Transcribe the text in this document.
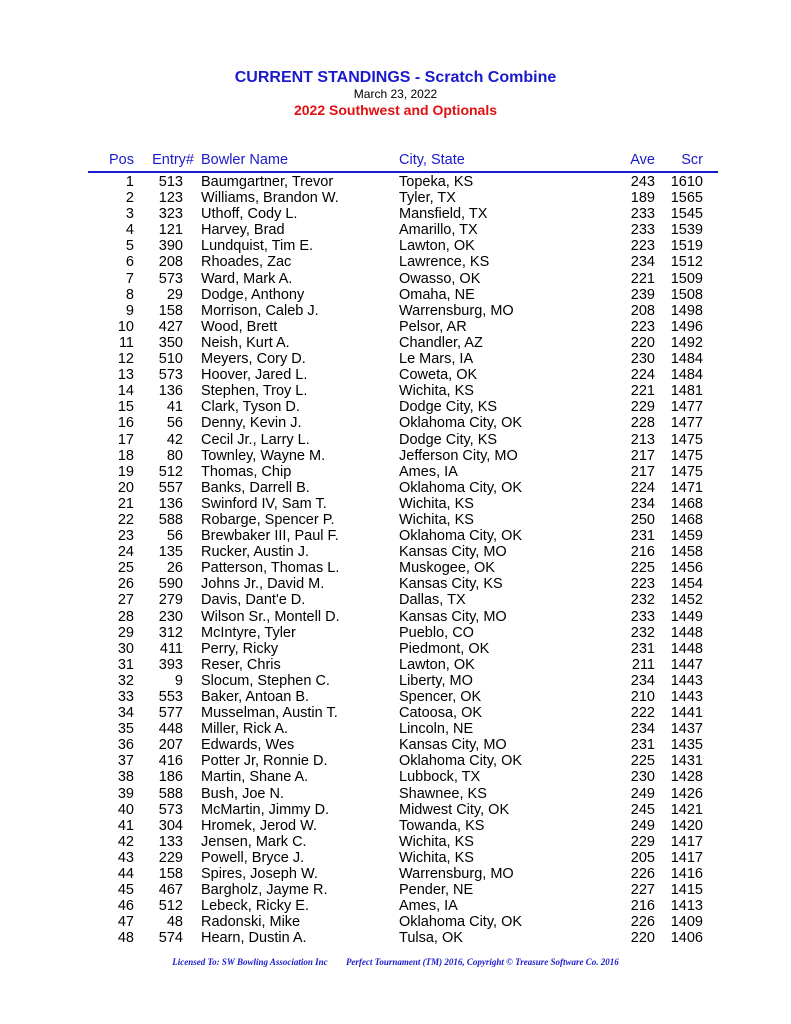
CURRENT STANDINGS - Scratch Combine
March 23, 2022
2022 Southwest and Optionals
Pos Entry# Bowler Name	City, State	Ave Scr
1 513 Baumgartner, Trevor	Topeka, KS	243 1610
2 123 Williams, Brandon W.	Tyler, TX	189 1565
3 323 Uthoff, Cody L.	Mansfield, TX	233 1545
4 121 Harvey, Brad	Amarillo, TX	233 1539
5 390 Lundquist, Tim E.	Lawton, OK	223 1519
6 208 Rhoades, Zac	Lawrence, KS	234 1512
7 573 Ward, Mark A.	Owasso, OK	221 1509
8 29 Dodge, Anthony	Omaha, NE	239 1508
9 158 Morrison, Caleb J.	Warrensburg, MO	208 1498
10 427 Wood, Brett	Pelsor, AR	223 1496
11 350 Neish, Kurt A.	Chandler, AZ	220 1492
12 510 Meyers, Cory D.	Le Mars, IA	230 1484
13 573 Hoover, Jared L.	Coweta, OK	224 1484
14 136 Stephen, Troy L.	Wichita, KS	221 1481
15 41 Clark, Tyson D.	Dodge City, KS	229 1477
16 56 Denny, Kevin J.	Oklahoma City, OK	228 1477
17 42 Cecil Jr., Larry L.	Dodge City, KS	213 1475
18 80 Townley, Wayne M.	Jefferson City, MO	217 1475
19 512 Thomas, Chip	Ames, IA	217 1475
20 557 Banks, Darrell B.	Oklahoma City, OK	224 1471
21 136 Swinford IV, Sam T.	Wichita, KS	234 1468
22 588 Robarge, Spencer P.	Wichita, KS	250 1468
23 56 Brewbaker III, Paul F.	Oklahoma City, OK	231 1459
24 135 Rucker, Austin J.	Kansas City, MO	216 1458
25 26 Patterson, Thomas L.	Muskogee, OK	225 1456
26 590 Johns Jr., David M.	Kansas City, KS	223 1454
27 279 Davis, Dant'e D.	Dallas, TX	232 1452
28 230 Wilson Sr., Montell D.	Kansas City, MO	233 1449
29 312 McIntyre, Tyler	Pueblo, CO	232 1448
30 411 Perry, Ricky	Piedmont, OK	231 1448
31 393 Reser, Chris	Lawton, OK	211 1447
32	9 Slocum, Stephen C.	Liberty, MO	234 1443
33 553 Baker, Antoan B.	Spencer, OK	210 1443
34 577 Musselman, Austin T.	Catoosa, OK	222 1441
35 448 Miller, Rick A.	Lincoln, NE	234 1437
36 207 Edwards, Wes	Kansas City, MO	231 1435
37 416 Potter Jr, Ronnie D.	Oklahoma City, OK	225 1431
38 186 Martin, Shane A.	Lubbock, TX	230 1428
39 588 Bush, Joe N.	Shawnee, KS	249 1426
40 573 McMartin, Jimmy D.	Midwest City, OK	245 1421
41 304 Hromek, Jerod W.	Towanda, KS	249 1420
42 133 Jensen, Mark C.	Wichita, KS	229 1417
43 229 Powell, Bryce J.	Wichita, KS	205 1417
44 158 Spires, Joseph W.	Warrensburg, MO	226 1416
45 467 Bargholz, Jayme R.	Pender, NE	227 1415
46 512 Lebeck, Ricky E.	Ames, IA	216 1413
47 48 Radonski, Mike	Oklahoma City, OK	226 1409
48 574 Hearn, Dustin A.	Tulsa, OK	220 1406
Licensed To: SW Bowling Association Inc Perfect Tournament (TM) 2016, Copyright © Treasure Software Co. 2016
